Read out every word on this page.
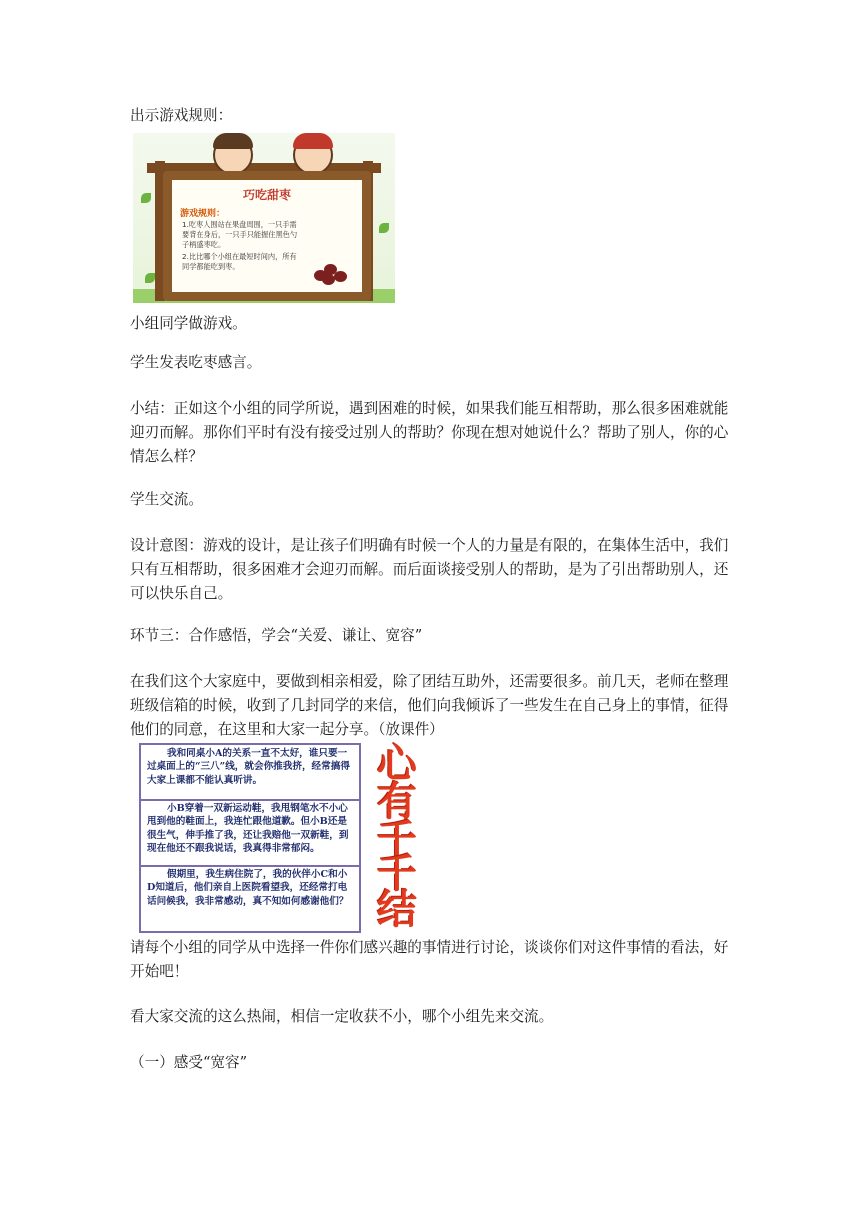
出示游戏规则：

巧吃甜枣
游戏规则：
1.吃枣人围站在果盘周围，一只手需要背在身后，一只手只能握住黑色勺子柄盛枣吃。
2.比比哪个小组在最短时间内，所有同学都能吃到枣。

小组同学做游戏。

学生发表吃枣感言。

小结：正如这个小组的同学所说，遇到困难的时候，如果我们能互相帮助，那么很多困难就能迎刃而解。那你们平时有没有接受过别人的帮助？你现在想对她说什么？帮助了别人，你的心情怎么样？

学生交流。

设计意图：游戏的设计，是让孩子们明确有时候一个人的力量是有限的，在集体生活中，我们只有互相帮助，很多困难才会迎刃而解。而后面谈接受别人的帮助，是为了引出帮助别人，还可以快乐自己。

环节三：合作感悟，学会“关爱、谦让、宽容”

在我们这个大家庭中，要做到相亲相爱，除了团结互助外，还需要很多。前几天，老师在整理班级信箱的时候，收到了几封同学的来信，他们向我倾诉了一些发生在自己身上的事情，征得他们的同意，在这里和大家一起分享。（放课件）

我和同桌小A的关系一直不太好，谁只要一过桌面上的“三八”线，就会你推我挤，经常搞得大家上课都不能认真听讲。
小B穿着一双新运动鞋，我甩钢笔水不小心甩到他的鞋面上，我连忙跟他道歉。但小B还是很生气，伸手推了我，还让我赔他一双新鞋，到现在他还不跟我说话，我真得非常郁闷。
假期里，我生病住院了，我的伙伴小C和小D知道后，他们亲自上医院看望我，还经常打电话问候我，我非常感动，真不知如何感谢他们？
心
有
千
千
结

请每个小组的同学从中选择一件你们感兴趣的事情进行讨论，谈谈你们对这件事情的看法，好开始吧！

看大家交流的这么热闹，相信一定收获不小，哪个小组先来交流。

（一）感受“宽容”
